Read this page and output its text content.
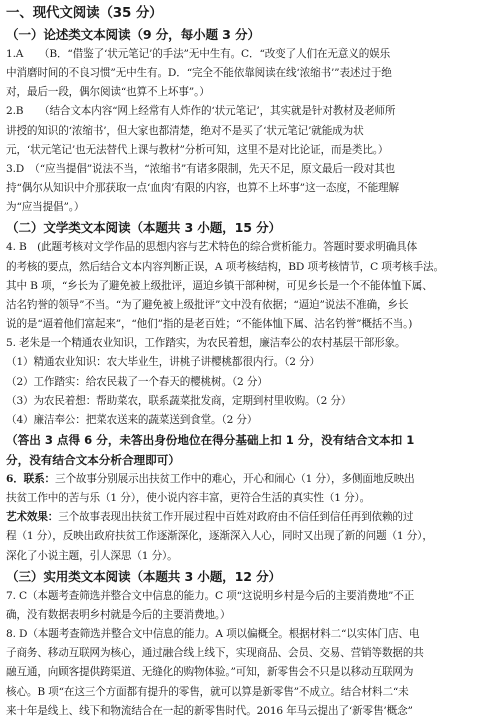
一、现代文阅读（35 分）
（一）论述类文本阅读（9 分，每小题 3 分）
1.A　　（B．“借鉴了‘状元笔记’的手法”无中生有。C．“改变了人们在无意义的娱乐
中消磨时间的不良习惯”无中生有。D．“完全不能依靠阅读在线‘浓缩书’”表述过于绝
对，最后一段，偶尔阅读“也算不上坏事”。）
2.B　　（结合文本内容“网上经常有人炸作的‘状元笔记’，其实就是针对教材及老师所
讲授的知识的‘浓缩书’，但大家也都清楚，绝对不是买了‘状元笔记’就能成为状
元，‘状元笔记’也无法替代上课与教材”分析可知，这里不是对比论证，而是类比。）
3.D　（“应当提倡”说法不当，“浓缩书”有诸多限制，先天不足，原文最后一段对其也
持“偶尔从知识中介那获取一点‘血肉’有限的内容，也算不上坏事”这一态度，不能理解
为“应当提倡”。）
（二）文学类文本阅读（本题共 3 小题，15 分）
4. B　(此题考核对文学作品的思想内容与艺术特色的综合赏析能力。答题时要求明确具体
的考核的要点，然后结合文本内容判断正误，A 项考核结构，BD 项考核情节，C 项考核手法。
其中 B 项，“乡长为了避免被上级批评，逼迫乡镇干部种树，可见乡长是一个不能体恤下属、
沽名钓誉的领导”不当。“为了避免被上级批评”文中没有依据；“逼迫”说法不准确，乡长
说的是“逼着他们富起来”，“他们”指的是老百姓；“不能体恤下属、沽名钓誉”概括不当。)
5. 老朱是一个精通农业知识，工作踏实，为农民着想，廉洁奉公的农村基层干部形象。
（1）精通农业知识：农大毕业生，讲桃子讲樱桃都很内行。（2 分）
（2）工作踏实：给农民栽了一个春天的樱桃树。（2 分）
（3）为农民着想：帮助菜农，联系蔬菜批发商，定期到村里收购。（2 分）
（4）廉洁奉公：把菜农送来的蔬菜送到食堂。（2 分）
（答出 3 点得 6 分，未答出身份地位在得分基础上扣 1 分，没有结合文本扣 1
分，没有结合文本分析合理即可）
6．联系：三个故事分别展示出扶贫工作中的难心，开心和闹心（1 分），多侧面地反映出
扶贫工作中的苦与乐（1 分），使小说内容丰富，更符合生活的真实性（1 分）。
艺术效果：三个故事表现出扶贫工作开展过程中百姓对政府由不信任到信任再到依赖的过
程（1 分），反映出政府扶贫工作逐渐深化，逐渐深入人心，同时又出现了新的问题（1 分），
深化了小说主题，引人深思（1 分）。
（三）实用类文本阅读（本题共 3 小题，12 分）
7. C（本题考查筛选并整合文中信息的能力。C 项“这说明乡村是今后的主要消费地”不正
确，没有数据表明乡村就是今后的主要消费地。）
8. D（本题考查筛选并整合文中信息的能力。A 项以偏概全。根据材料二“以实体门店、电
子商务、移动互联网为核心，通过融合线上线下，实现商品、会员、交易、营销等数据的共
融互通，向顾客提供跨渠道、无缝化的购物体验。”可知，新零售会不只是以移动互联网为
核心。B 项“在这三个方面都有提升的零售，就可以算是新零售”不成立。结合材料二“未
来十年是线上、线下和物流结合在一起的新零售时代。2016 年马云提出了‘新零售’概念”
